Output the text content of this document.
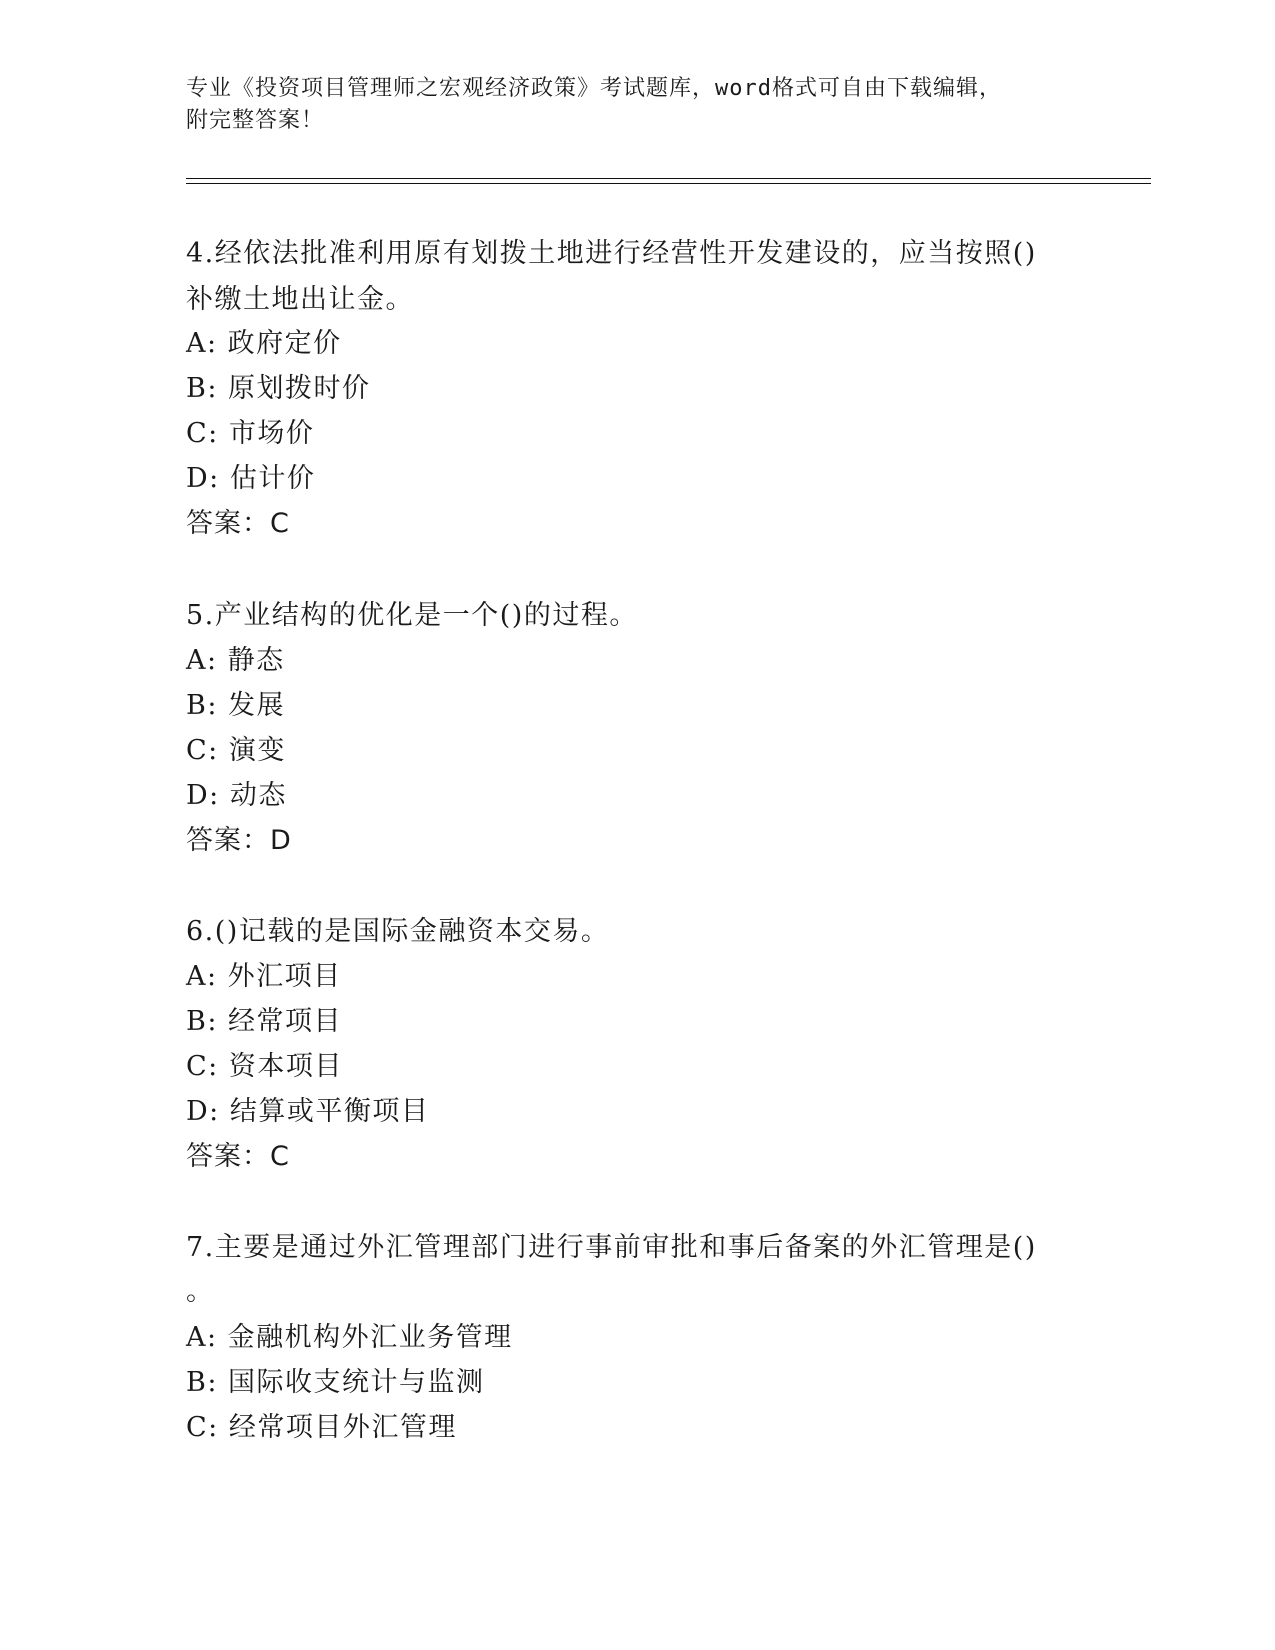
专业《投资项目管理师之宏观经济政策》考试题库，word格式可自由下载编辑，
附完整答案！
4.经依法批准利用原有划拨土地进行经营性开发建设的，应当按照()
补缴土地出让金。
A: 政府定价
B: 原划拨时价
C: 市场价
D: 估计价
答案：C
5.产业结构的优化是一个()的过程。
A: 静态
B: 发展
C: 演变
D: 动态
答案：D
6.()记载的是国际金融资本交易。
A: 外汇项目
B: 经常项目
C: 资本项目
D: 结算或平衡项目
答案：C
7.主要是通过外汇管理部门进行事前审批和事后备案的外汇管理是()
。
A: 金融机构外汇业务管理
B: 国际收支统计与监测
C: 经常项目外汇管理
